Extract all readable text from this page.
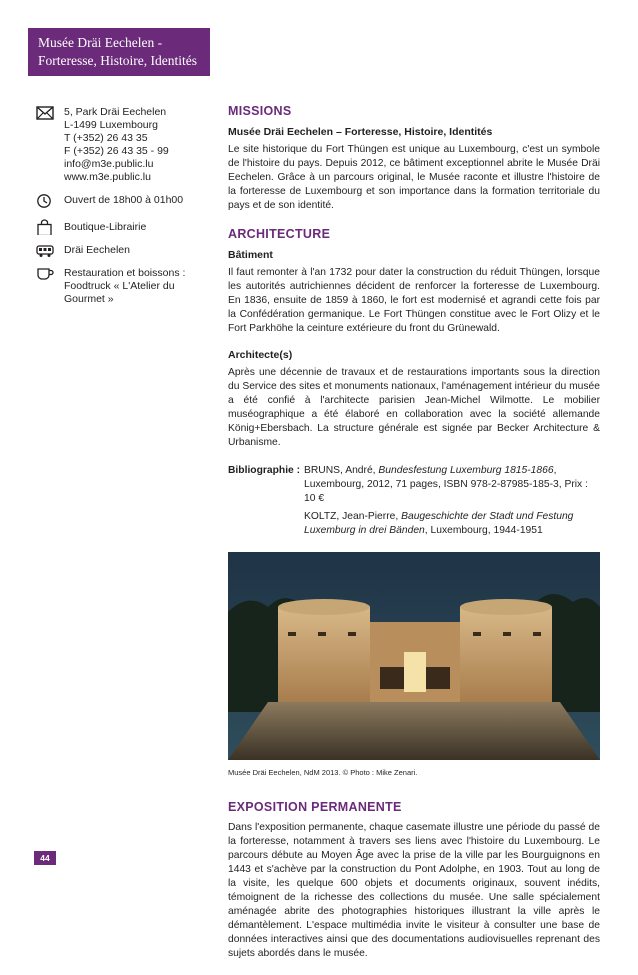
Musée Dräi Eechelen -
Forteresse, Histoire, Identités
5, Park Dräi Eechelen
L-1499 Luxembourg
T (+352) 26 43 35
F (+352) 26 43 35 - 99
info@m3e.public.lu
www.m3e.public.lu
Ouvert de 18h00 à 01h00
Boutique-Librairie
Dräi Eechelen
Restauration et boissons :
Foodtruck « L'Atelier du
Gourmet »
MISSIONS
Musée Dräi Eechelen – Forteresse, Histoire, Identités

Le site historique du Fort Thüngen est unique au Luxembourg, c'est un symbole de l'histoire du pays. Depuis 2012, ce bâtiment exceptionnel abrite le Musée Dräi Eechelen. Grâce à un parcours original, le Musée raconte et illustre l'histoire de la forteresse de Luxembourg et son importance dans la formation territoriale du pays et de son identité.

ARCHITECTURE
Bâtiment

Il faut remonter à l'an 1732 pour dater la construction du réduit Thüngen, lorsque les autorités autrichiennes décident de renforcer la forteresse de Luxembourg. En 1836, ensuite de 1859 à 1860, le fort est modernisé et agrandi cette fois par la Confédération germanique. Le Fort Thüngen constitue avec le Fort Olizy et le Fort Parkhöhe la ceinture extérieure du front du Grünewald.

Architecte(s)

Après une décennie de travaux et de restaurations importants sous la direction du Service des sites et monuments nationaux, l'aménagement intérieur du musée a été confié à l'architecte parisien Jean-Michel Wilmotte. Le mobilier muséographique a été élaboré en collaboration avec la société allemande König+Ebersbach. La structure générale est signée par Becker Architecture & Urbanisme.

Bibliographie : BRUNS, André, Bundesfestung Luxemburg 1815-1866, Luxembourg, 2012, 71 pages, ISBN 978-2-87985-185-3, Prix : 10 €
KOLTZ, Jean-Pierre, Baugeschichte der Stadt und Festung Luxemburg in drei Bänden, Luxembourg, 1944-1951
Musée Dräi Eechelen, NdM 2013. © Photo : Mike Zenari.
EXPOSITION PERMANENTE

Dans l'exposition permanente, chaque casemate illustre une période du passé de la forteresse, notamment à travers ses liens avec l'histoire du Luxembourg. Le parcours débute au Moyen Âge avec la prise de la ville par les Bourguignons en 1443 et s'achève par la construction du Pont Adolphe, en 1903. Tout au long de la visite, les quelque 600 objets et documents originaux, souvent inédits, témoignent de la richesse des collections du musée. Une salle spécialement aménagée abrite des photographies historiques illustrant la ville après le démantèlement. L'espace multimédia invite le visiteur à consulter une base de données interactives ainsi que des documentations audiovisuelles reprenant des sujets abordés dans le musée.

44
